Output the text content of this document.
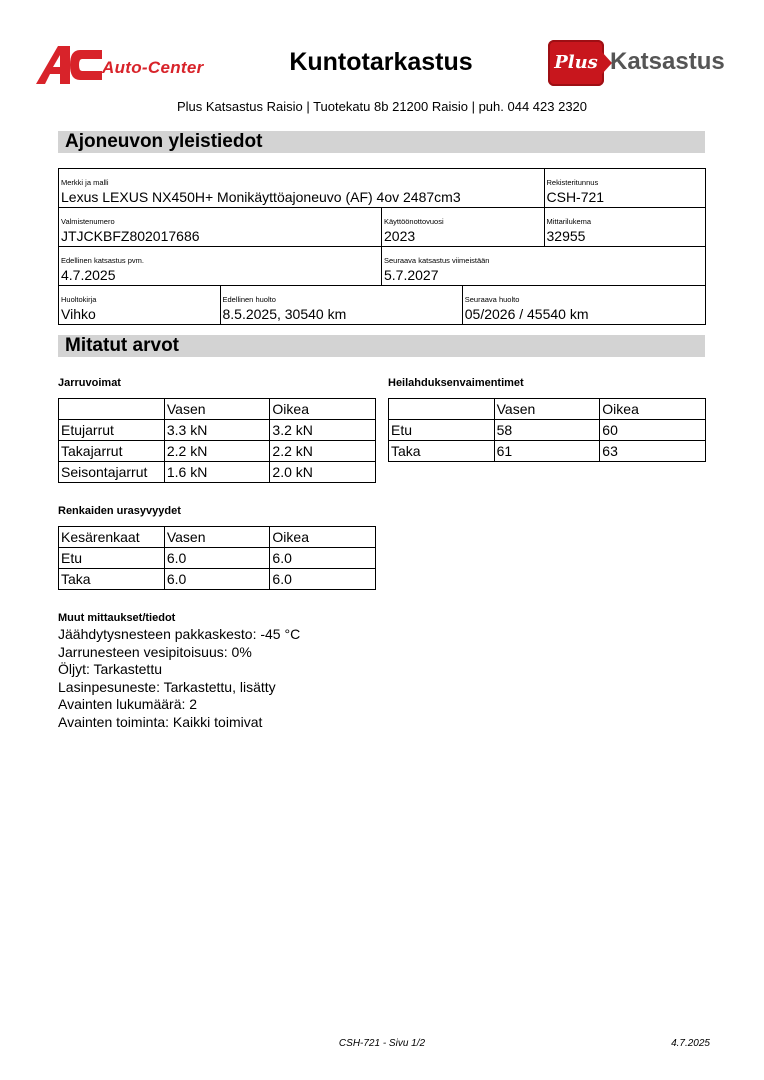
Auto-Center	Kuntotarkastus	Plus Katsastus
Plus Katsastus Raisio | Tuotekatu 8b 21200 Raisio | puh. 044 423 2320
Ajoneuvon yleistiedot
Merkki ja malli
Lexus LEXUS NX450H+ Monikäyttöajoneuvo (AF) 4ov 2487cm3
Rekisteritunnus
CSH-721
Valmistenumero
JTJCKBFZ802017686
Käyttöönottovuosi
2023
Mittarilukema
32955
Edellinen katsastus pvm.
4.7.2025
Seuraava katsastus viimeistään
5.7.2027
Huoltokirja
Vihko
Edellinen huolto
8.5.2025, 30540 km
Seuraava huolto
05/2026 / 45540 km
Mitatut arvot
Jarruvoimat
	Vasen	Oikea
Etujarrut	3.3 kN	3.2 kN
Takajarrut	2.2 kN	2.2 kN
Seisontajarrut	1.6 kN	2.0 kN
Heilahduksenvaimentimet
	Vasen	Oikea
Etu	58	60
Taka	61	63
Renkaiden urasyvyydet
Kesärenkaat	Vasen	Oikea
Etu	6.0	6.0
Taka	6.0	6.0
Muut mittaukset/tiedot
Jäähdytysnesteen pakkaskesto: -45 °C
Jarrunesteen vesipitoisuus: 0%
Öljyt: Tarkastettu
Lasinpesuneste: Tarkastettu, lisätty
Avainten lukumäärä: 2
Avainten toiminta: Kaikki toimivat
CSH-721 - Sivu 1/2	4.7.2025
